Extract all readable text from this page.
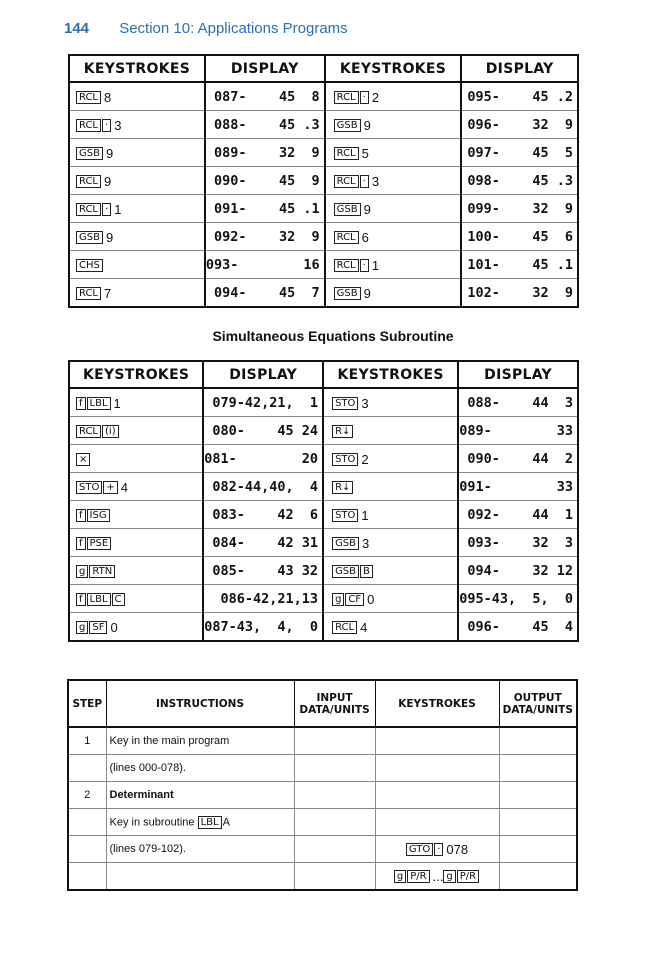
144 Section 10: Applications Programs
KEYSTROKES	DISPLAY	KEYSTROKES	DISPLAY
RCL 8	087-    45  8	RCL · 2	095-    45 .2
RCL · 3	088-    45 .3	GSB 9	096-    32  9
GSB 9	089-    32  9	RCL 5	097-    45  5
RCL 9	090-    45  9	RCL · 3	098-    45 .3
RCL · 1	091-    45 .1	GSB 9	099-    32  9
GSB 9	092-    32  9	RCL 6	100-    45  6
CHS	093-        16	RCL · 1	101-    45 .1
RCL 7	094-    45  7	GSB 9	102-    32  9
Simultaneous Equations Subroutine
KEYSTROKES	DISPLAY	KEYSTROKES	DISPLAY
f LBL 1	079-42,21,  1	STO 3	088-    44  3
RCL (i)	080-    45 24	R↓	089-        33
×	081-        20	STO 2	090-    44  2
STO + 4	082-44,40,  4	R↓	091-        33
f ISG	083-    42  6	STO 1	092-    44  1
f PSE	084-    42 31	GSB 3	093-    32  3
g RTN	085-    43 32	GSB B	094-    32 12
f LBL C	086-42,21,13	g CF 0	095-43,  5,  0
g SF 0	087-43,  4,  0	RCL 4	096-    45  4
STEP	INSTRUCTIONS	INPUT DATA/UNITS	KEYSTROKES	OUTPUT DATA/UNITS
1	Key in the main program			
	(lines 000-078).			
2	Determinant			
	Key in subroutine LBL A			
	(lines 079-102).		GTO · 078	
			g P/R ... g P/R	
